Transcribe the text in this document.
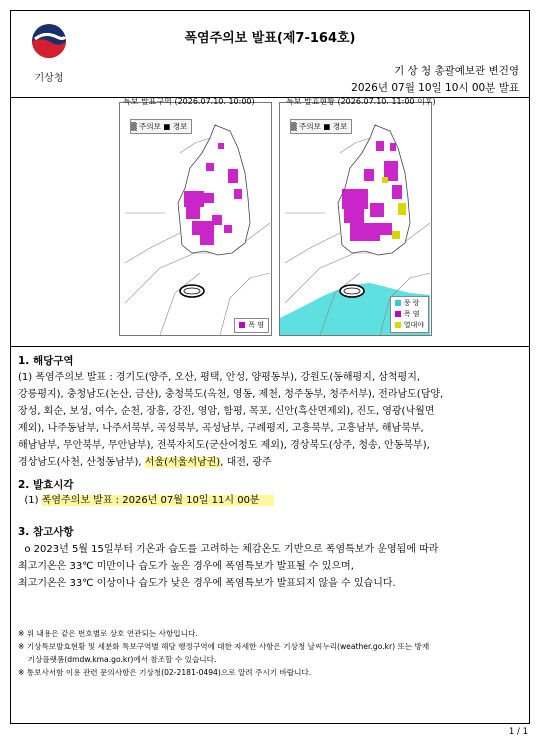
기상청
폭염주의보 발표(제7-164호)
기 상 청 총괄예보관 변건영
2026년 07월 10일 10시 00분 발표
▒ 주의보 ■ 경보
폭 염
특보 발표구역 (2026.07.10. 10:00)
▒ 주의보 ■ 경보
풍 랑
폭 염
열대야
특보 발효현황 (2026.07.10. 11:00 이후)
1. 해당구역
(1) 폭염주의보 발표 : 경기도(양주, 오산, 평택, 안성, 양평동부), 강원도(동해평지, 삼척평지,
강릉평지), 충청남도(논산, 금산), 충청북도(옥천, 영동, 제천, 청주동부, 청주서부), 전라남도(담양,
장성, 회순, 보성, 여수, 순천, 장흥, 강진, 영암, 함평, 목포, 신안(흑산면제외), 진도, 영광(낙월면
제외), 나주동남부, 나주서북부, 곡성북부, 곡성남부, 구례평지, 고흥북부, 고흥남부, 해남북부,
해남남부, 무안북부, 무안남부), 전북자치도(군산어청도 제외), 경상북도(상주, 청송, 안동북부),
경상남도(사천, 산청동남부), 서울(서울서남권), 대전, 광주
2. 발효시각
(1) 폭염주의보 발표 : 2026년 07월 10일 11시 00분
3. 참고사항
o 2023년 5월 15일부터 기온과 습도를 고려하는 체감온도 기반으로 폭염특보가 운영됨에 따라
최고기온은 33℃ 미만이나 습도가 높은 경우에 폭염특보가 발표될 수 있으며,
최고기온은 33℃ 이상이나 습도가 낮은 경우에 폭염특보가 발표되지 않을 수 있습니다.
※ 위 내용은 같은 번호별로 상호 연관되는 사항입니다.
※ 기상특보발효현황 및 세분화 특보구역별 해당 행정구역에 대한 자세한 사항은 기상청 날씨누리(weather.go.kr) 또는 방재
기상플랫폼(dmdw.kma.go.kr)에서 참조할 수 있습니다.
※ 통보사서함 이용 관련 문의사항은 기상청(02-2181-0494)으로 알려 주시기 바랍니다.
1 / 1
